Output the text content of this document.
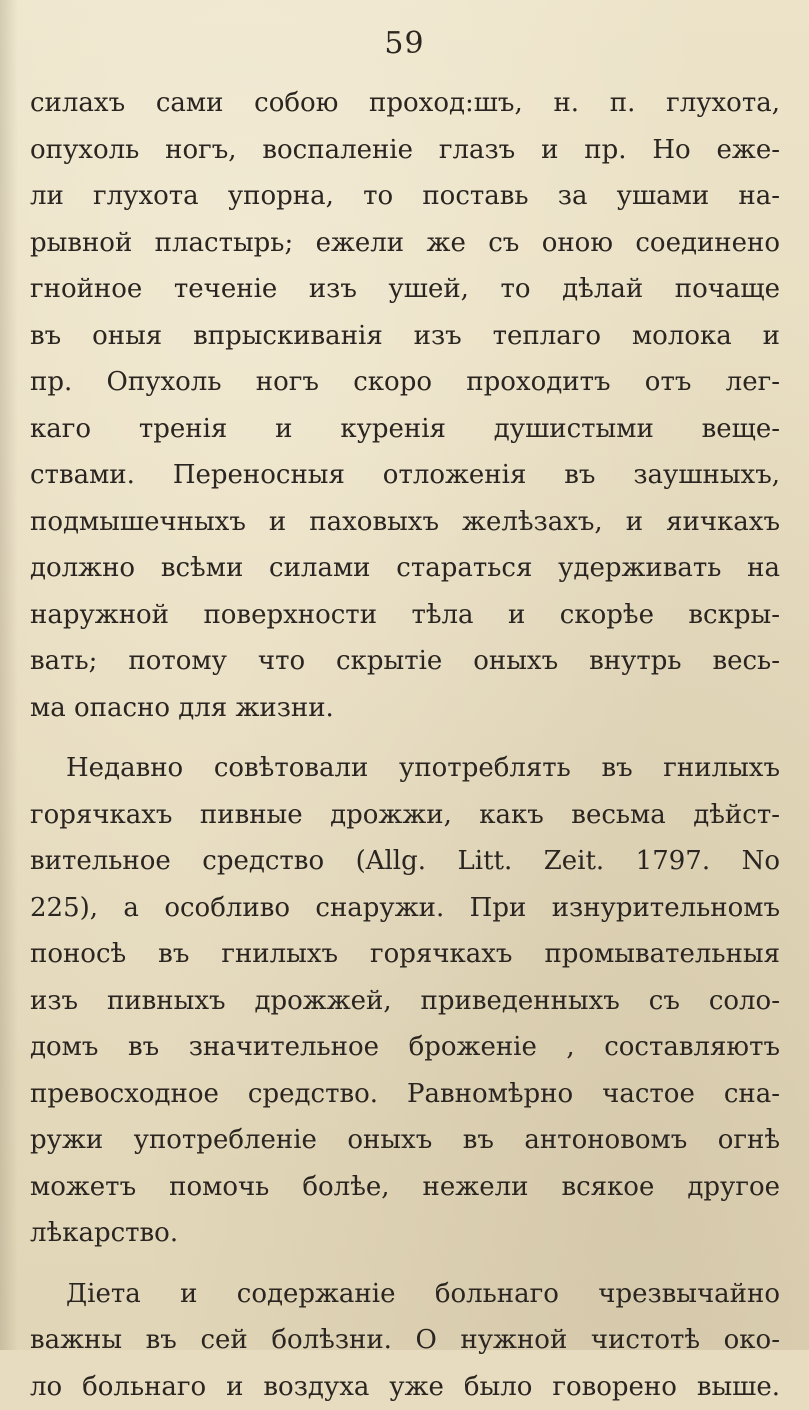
59
силахъ сами собою проход:шъ, н. п. глухота,
опухоль ногъ, воспаленіе глазъ и пр. Но еже-
ли глухота упорна, то поставь за ушами на-
рывной пластырь; ежели же съ оною соединено
гнойное теченіе изъ ушей, то дѣлай почаще
въ оныя впрыскиванія изъ теплаго молока и
пр. Опухоль ногъ скоро проходитъ отъ лег-
каго тренія и куренія душистыми веще-
ствами. Переносныя отложенія въ заушныхъ,
подмышечныхъ и паховыхъ желѣзахъ, и яичкахъ
должно всѣми силами стараться удерживать на
наружной поверхности тѣла и скорѣе вскры-
вать; потому что скрытіе оныхъ внутрь весь-
ма опасно для жизни.
Недавно совѣтовали употреблять въ гнилыхъ
горячкахъ пивные дрожжи, какъ весьма дѣйст-
вительное средство (Allg. Litt. Zeit. 1797. No
225), а особливо снаружи. При изнурительномъ
поносѣ въ гнилыхъ горячкахъ промывательныя
изъ пивныхъ дрожжей, приведенныхъ съ соло-
домъ въ значительное броженіе , составляютъ
превосходное средство. Равномѣрно частое сна-
ружи употребленіе оныхъ въ антоновомъ огнѣ
можетъ помочь болѣе, нежели всякое другое
лѣкарство.
Діета и содержаніе больнаго чрезвычайно
важны въ сей болѣзни. О нужной чистотѣ око-
ло больнаго и воздуха уже было говорено выше.
